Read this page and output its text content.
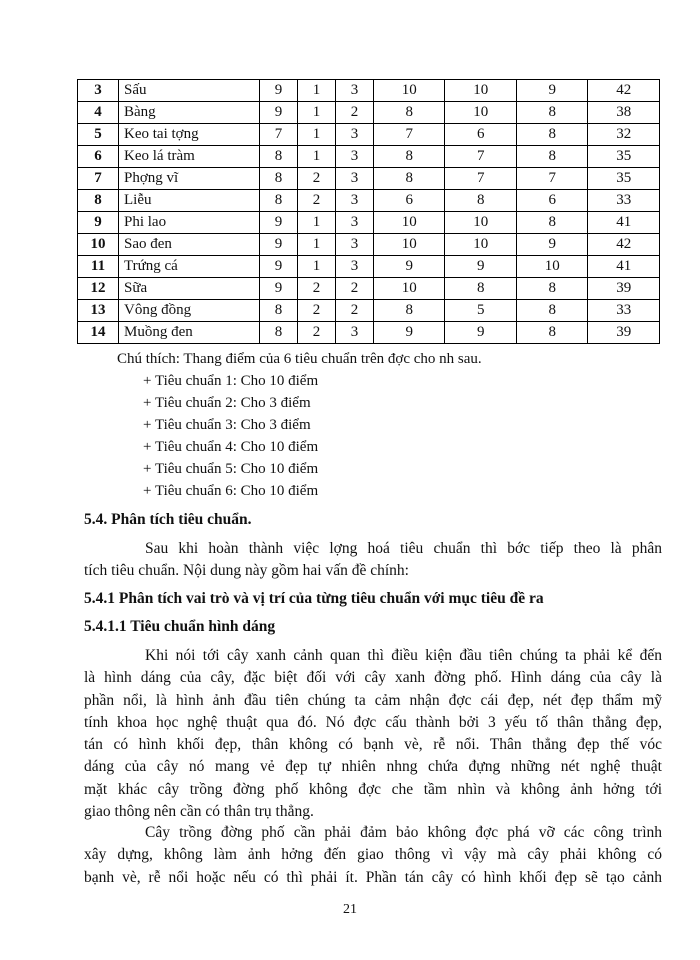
3	Sấu	9	1	3	10	10	9	42
4	Bàng	9	1	2	8	10	8	38
5	Keo tai tợng	7	1	3	7	6	8	32
6	Keo lá tràm	8	1	3	8	7	8	35
7	Phợng vĩ	8	2	3	8	7	7	35
8	Liễu	8	2	3	6	8	6	33
9	Phi lao	9	1	3	10	10	8	41
10	Sao đen	9	1	3	10	10	9	42
11	Trứng cá	9	1	3	9	9	10	41
12	Sữa	9	2	2	10	8	8	39
13	Vông đồng	8	2	2	8	5	8	33
14	Muồng đen	8	2	3	9	9	8	39
Chú thích: Thang điểm của 6 tiêu chuẩn trên đợc cho nh sau.
+ Tiêu chuẩn 1: Cho 10 điểm
+ Tiêu chuẩn 2: Cho 3 điểm
+ Tiêu chuẩn 3: Cho 3 điểm
+ Tiêu chuẩn 4: Cho 10 điểm
+ Tiêu chuẩn 5: Cho 10 điểm
+ Tiêu chuẩn 6: Cho 10 điểm
5.4. Phân tích tiêu chuẩn.
Sau khi hoàn thành việc lợng hoá tiêu chuẩn thì bớc tiếp theo là phân
tích tiêu chuẩn. Nội dung này gồm hai vấn đề chính:
5.4.1 Phân tích vai trò và vị trí của từng tiêu chuẩn với mục tiêu đề ra
5.4.1.1 Tiêu chuẩn hình dáng
Khi nói tới cây xanh cảnh quan thì điều kiện đầu tiên chúng ta phải kể đến
là hình dáng của cây, đặc biệt đối với cây xanh đờng phố. Hình dáng của cây là
phần nổi, là hình ảnh đầu tiên chúng ta cảm nhận đợc cái đẹp, nét đẹp thẩm mỹ
tính khoa học nghệ thuật qua đó. Nó đợc cấu thành bởi 3 yếu tố thân thẳng đẹp,
tán có hình khối đẹp, thân không có bạnh vè, rễ nổi. Thân thẳng đẹp thế vóc
dáng của cây nó mang vẻ đẹp tự nhiên nhng chứa đựng những nét nghệ thuật
mặt khác cây trồng đờng phố không đợc che tầm nhìn và không ảnh hởng tới
giao thông nên cần có thân trụ thẳng.
Cây trồng đờng phố cần phải đảm bảo không đợc phá vỡ các công trình
xây dựng, không làm ảnh hởng đến giao thông vì vậy mà cây phải không có
bạnh vè, rễ nổi hoặc nếu có thì phải ít. Phần tán cây có hình khối đẹp sẽ tạo cảnh
21
